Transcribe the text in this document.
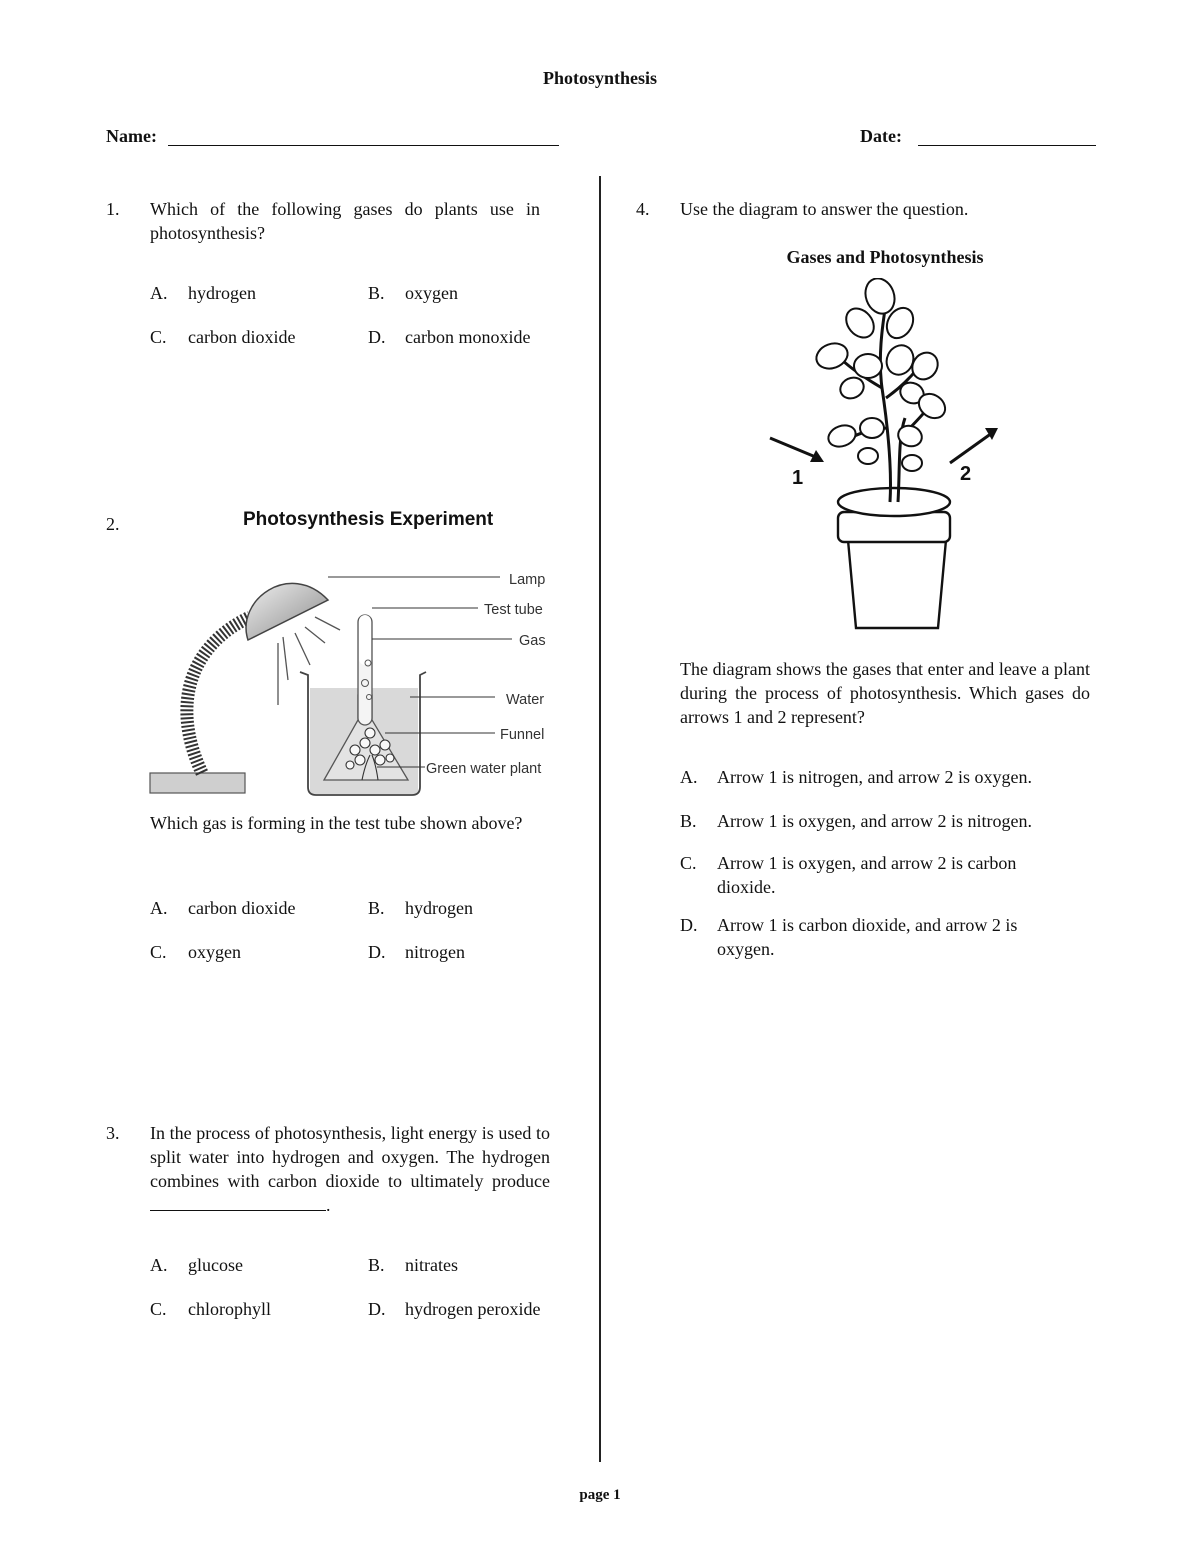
Photosynthesis
Name:	Date:
1. Which of the following gases do plants use in photosynthesis?
A. hydrogen	B. oxygen
C. carbon dioxide	D. carbon monoxide
2.	Photosynthesis Experiment
Lamp
Test tube
Gas
Water
Funnel
Green water plant
Which gas is forming in the test tube shown above?
A. carbon dioxide	B. hydrogen
C. oxygen	D. nitrogen
3. In the process of photosynthesis, light energy is used to split water into hydrogen and oxygen. The hydrogen combines with carbon dioxide to ultimately produce .
A. glucose	B. nitrates
C. chlorophyll	D. hydrogen peroxide
4. Use the diagram to answer the question.
Gases and Photosynthesis
1	2
The diagram shows the gases that enter and leave a plant during the process of photosynthesis. Which gases do arrows 1 and 2 represent?
A. Arrow 1 is nitrogen, and arrow 2 is oxygen.
B. Arrow 1 is oxygen, and arrow 2 is nitrogen.
C. Arrow 1 is oxygen, and arrow 2 is carbon dioxide.
D. Arrow 1 is carbon dioxide, and arrow 2 is oxygen.
page 1
